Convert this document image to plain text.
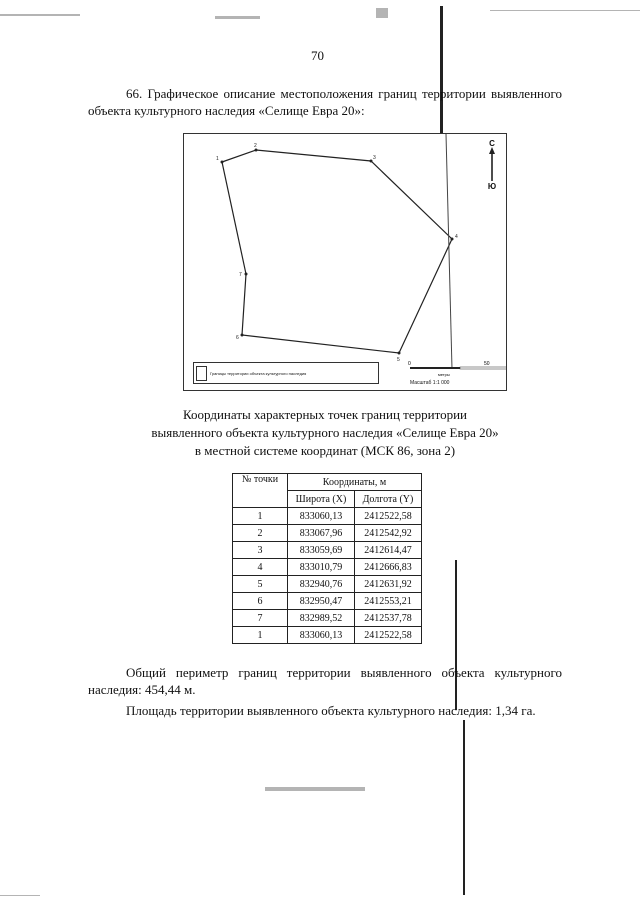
70
66. Графическое описание местоположения границ территории выявленного объекта культурного наследия «Селище Евра 20»:
1
2
3
4
5
6
7
0	50
метры
С
Ю
Границы территории объекта культурного наследия
Масштаб 1:1 000
Координаты характерных точек границ территории
выявленного объекта культурного наследия «Селище Евра 20»
в местной системе координат (МСК 86, зона 2)
№ точки	Координаты, м	
	Широта (X)	Долгота (Y)
1	833060,13	2412522,58
2	833067,96	2412542,92
3	833059,69	2412614,47
4	833010,79	2412666,83
5	832940,76	2412631,92
6	832950,47	2412553,21
7	832989,52	2412537,78
1	833060,13	2412522,58
Общий периметр границ территории выявленного объекта культурного наследия: 454,44 м.
Площадь территории выявленного объекта культурного наследия: 1,34 га.
